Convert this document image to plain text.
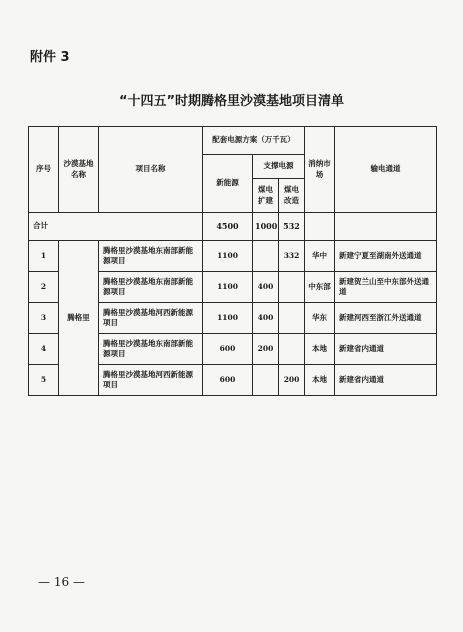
附件 3
“十四五”时期腾格里沙漠基地项目清单
序号	沙漠基地名称	项目名称	配套电源方案（万千瓦）			消纳市场	输电通道
			新能源	支撑电源			
				煤电扩建	煤电改造		
合计			4500	1000	532		
1	腾格里	腾格里沙漠基地东南部新能源项目	1100		332	华中	新建宁夏至湖南外送通道
2		腾格里沙漠基地东南部新能源项目	1100	400		中东部	新建贺兰山至中东部外送通道
3		腾格里沙漠基地河西新能源项目	1100	400		华东	新建河西至浙江外送通道
4		腾格里沙漠基地东南部新能源项目	600	200		本地	新建省内通道
5		腾格里沙漠基地河西新能源项目	600		200	本地	新建省内通道
— 16 —
